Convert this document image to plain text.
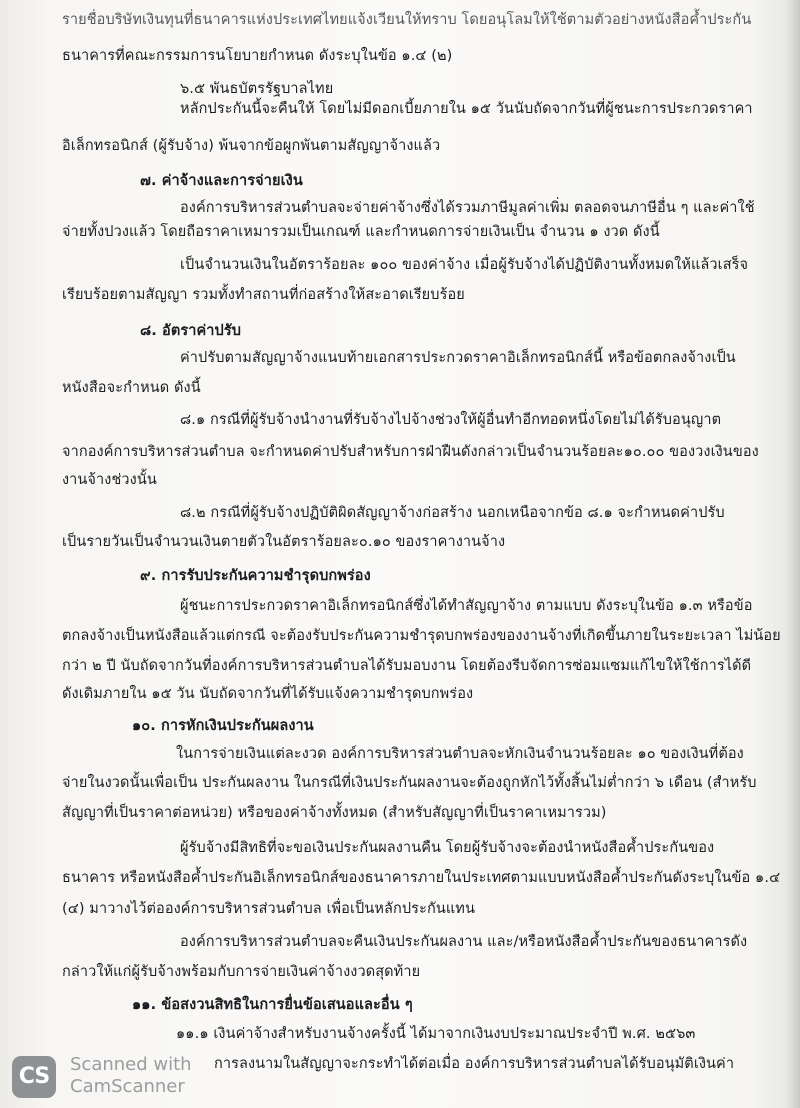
รายชื่อบริษัทเงินทุนที่ธนาคารแห่งประเทศไทยแจ้งเวียนให้ทราบ โดยอนุโลมให้ใช้ตามตัวอย่างหนังสือค้ำประกัน
ธนาคารที่คณะกรรมการนโยบายกำหนด ดังระบุในข้อ ๑.๔ (๒)
๖.๕ พันธบัตรรัฐบาลไทย
หลักประกันนี้จะคืนให้ โดยไม่มีดอกเบี้ยภายใน ๑๕ วันนับถัดจากวันที่ผู้ชนะการประกวดราคา
อิเล็กทรอนิกส์ (ผู้รับจ้าง) พ้นจากข้อผูกพันตามสัญญาจ้างแล้ว
๗. ค่าจ้างและการจ่ายเงิน
องค์การบริหารส่วนตำบลจะจ่ายค่าจ้างซึ่งได้รวมภาษีมูลค่าเพิ่ม ตลอดจนภาษีอื่น ๆ และค่าใช้
จ่ายทั้งปวงแล้ว โดยถือราคาเหมารวมเป็นเกณฑ์ และกำหนดการจ่ายเงินเป็น จำนวน ๑ งวด ดังนี้
เป็นจำนวนเงินในอัตราร้อยละ ๑๐๐ ของค่าจ้าง เมื่อผู้รับจ้างได้ปฏิบัติงานทั้งหมดให้แล้วเสร็จ
เรียบร้อยตามสัญญา รวมทั้งทำสถานที่ก่อสร้างให้สะอาดเรียบร้อย
๘. อัตราค่าปรับ
ค่าปรับตามสัญญาจ้างแนบท้ายเอกสารประกวดราคาอิเล็กทรอนิกส์นี้ หรือข้อตกลงจ้างเป็น
หนังสือจะกำหนด ดังนี้
๘.๑ กรณีที่ผู้รับจ้างนำงานที่รับจ้างไปจ้างช่วงให้ผู้อื่นทำอีกทอดหนึ่งโดยไม่ได้รับอนุญาต
จากองค์การบริหารส่วนตำบล จะกำหนดค่าปรับสำหรับการฝ่าฝืนดังกล่าวเป็นจำนวนร้อยละ๑๐.๐๐ ของวงเงินของ
งานจ้างช่วงนั้น
๘.๒ กรณีที่ผู้รับจ้างปฏิบัติผิดสัญญาจ้างก่อสร้าง นอกเหนือจากข้อ ๘.๑ จะกำหนดค่าปรับ
เป็นรายวันเป็นจำนวนเงินตายตัวในอัตราร้อยละ๐.๑๐ ของราคางานจ้าง
๙. การรับประกันความชำรุดบกพร่อง
ผู้ชนะการประกวดราคาอิเล็กทรอนิกส์ซึ่งได้ทำสัญญาจ้าง ตามแบบ ดังระบุในข้อ ๑.๓ หรือข้อ
ตกลงจ้างเป็นหนังสือแล้วแต่กรณี จะต้องรับประกันความชำรุดบกพร่องของงานจ้างที่เกิดขึ้นภายในระยะเวลา ไม่น้อย
กว่า ๒ ปี นับถัดจากวันที่องค์การบริหารส่วนตำบลได้รับมอบงาน โดยต้องรีบจัดการซ่อมแซมแก้ไขให้ใช้การได้ดี
ดังเดิมภายใน ๑๕ วัน นับถัดจากวันที่ได้รับแจ้งความชำรุดบกพร่อง
๑๐. การหักเงินประกันผลงาน
ในการจ่ายเงินแต่ละงวด องค์การบริหารส่วนตำบลจะหักเงินจำนวนร้อยละ ๑๐ ของเงินที่ต้อง
จ่ายในงวดนั้นเพื่อเป็น ประกันผลงาน ในกรณีที่เงินประกันผลงานจะต้องถูกหักไว้ทั้งสิ้นไม่ต่ำกว่า ๖ เดือน (สำหรับ
สัญญาที่เป็นราคาต่อหน่วย) หรือของค่าจ้างทั้งหมด (สำหรับสัญญาที่เป็นราคาเหมารวม)
ผู้รับจ้างมีสิทธิที่จะขอเงินประกันผลงานคืน โดยผู้รับจ้างจะต้องนำหนังสือค้ำประกันของ
ธนาคาร หรือหนังสือค้ำประกันอิเล็กทรอนิกส์ของธนาคารภายในประเทศตามแบบหนังสือค้ำประกันดังระบุในข้อ ๑.๔
(๔) มาวางไว้ต่อองค์การบริหารส่วนตำบล เพื่อเป็นหลักประกันแทน
องค์การบริหารส่วนตำบลจะคืนเงินประกันผลงาน และ/หรือหนังสือค้ำประกันของธนาคารดัง
กล่าวให้แก่ผู้รับจ้างพร้อมกับการจ่ายเงินค่าจ้างงวดสุดท้าย
๑๑. ข้อสงวนสิทธิในการยื่นข้อเสนอและอื่น ๆ
๑๑.๑ เงินค่าจ้างสำหรับงานจ้างครั้งนี้ ได้มาจากเงินงบประมาณประจำปี พ.ศ. ๒๕๖๓
การลงนามในสัญญาจะกระทำได้ต่อเมื่อ องค์การบริหารส่วนตำบลได้รับอนุมัติเงินค่า
CS	Scanned with
CamScanner
